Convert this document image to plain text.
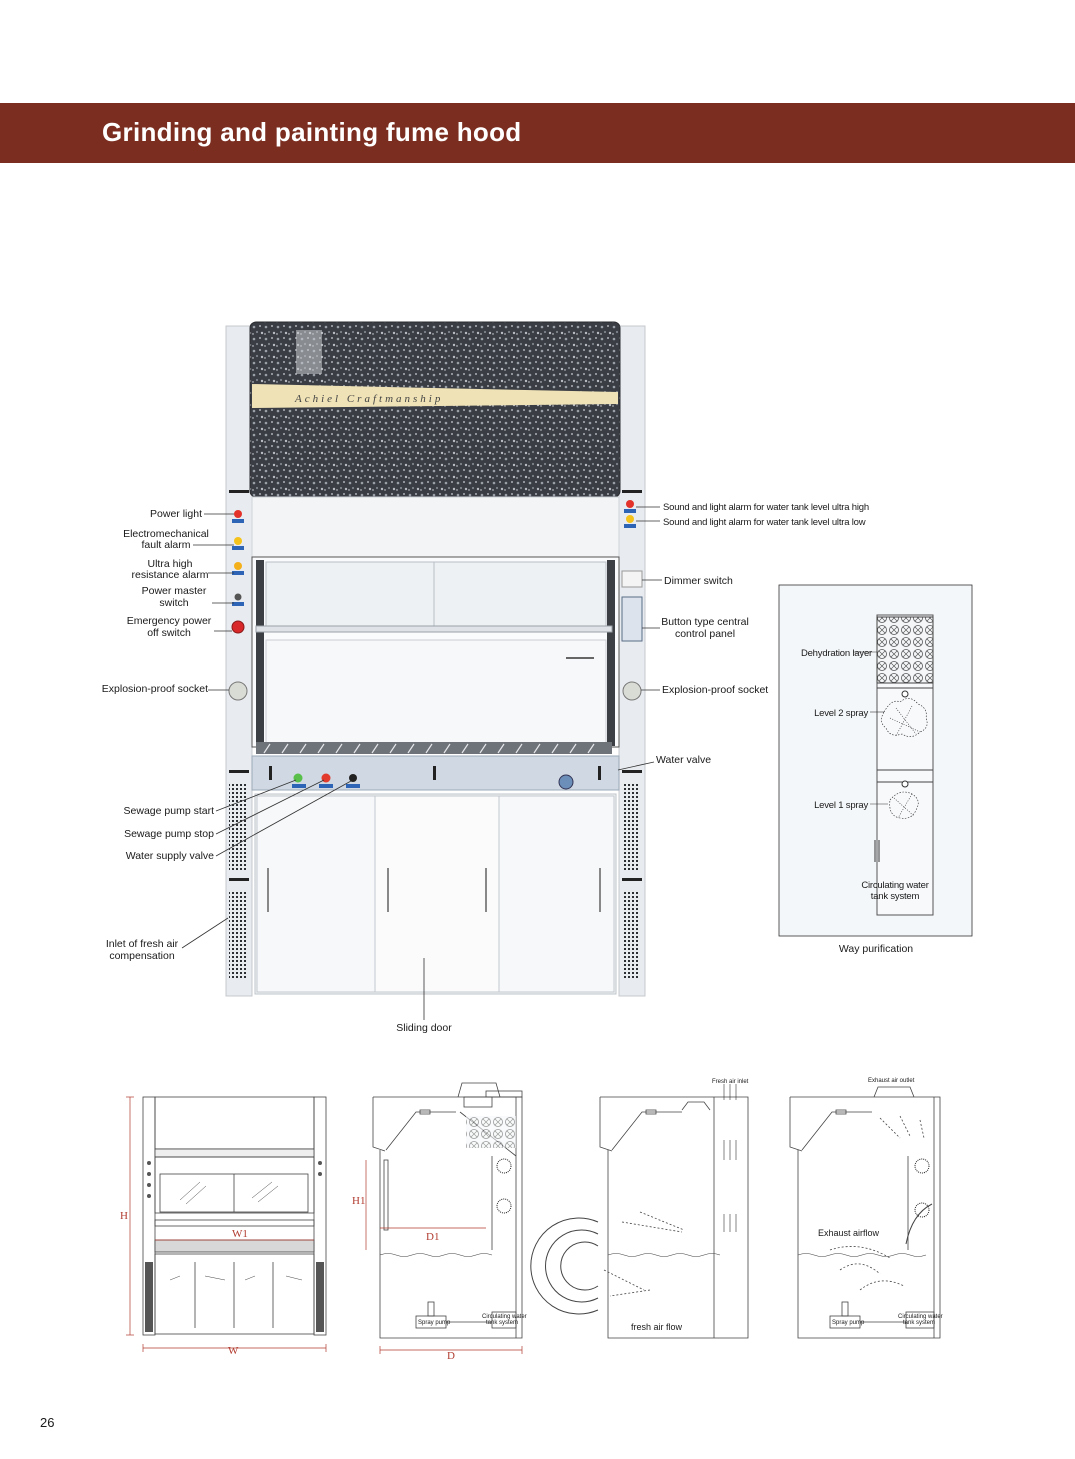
Grinding and painting fume hood
Achiel Craftmanship
Power light
Electromechanical
fault alarm
Ultra high
resistance alarm
Power master
switch
Emergency power
off switch
Explosion-proof socket
Sewage pump start
Sewage pump stop
Water supply valve
Inlet of fresh air
compensation
Sound and light alarm for water tank level ultra high
Sound and light alarm for water tank level ultra low
Dimmer switch
Button type central
control panel
Explosion-proof socket
Water valve
Sliding door
Dehydration layer
Level 2 spray
Level 1 spray
Circulating water
tank system
Way purification
H
W
W1
H1
D1
D
Spray pump
Circulating water
tank system
Fresh air inlet
fresh air flow
Exhaust air outlet
Exhaust airflow
Spray pump
Circulating water
tank system
26
